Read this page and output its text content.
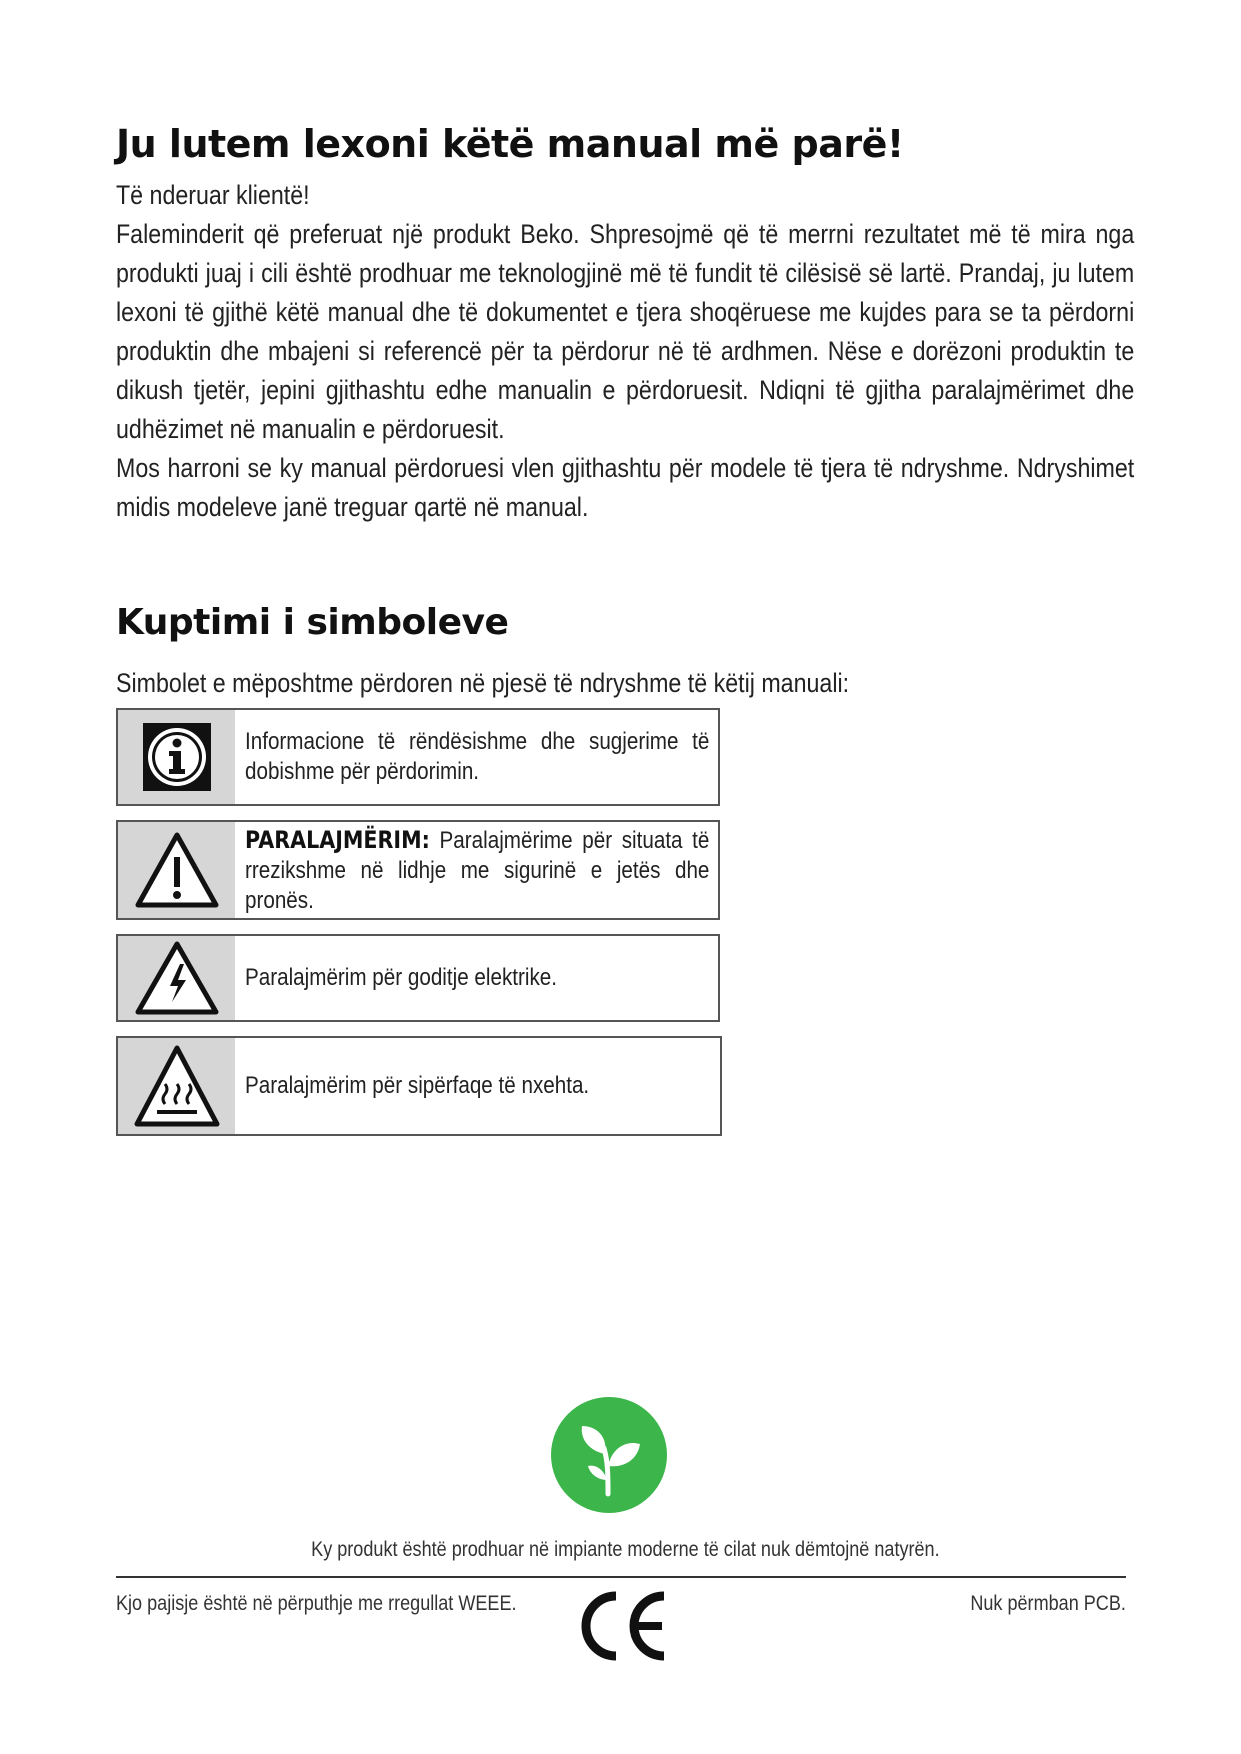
Ju lutem lexoni këtë manual më parë!

Të nderuar klientë!

Faleminderit që preferuat një produkt Beko. Shpresojmë që të merrni rezultatet më të mira nga produkti juaj i cili është prodhuar me teknologjinë më të fundit të cilësisë së lartë. Prandaj, ju lutem lexoni të gjithë këtë manual dhe të dokumentet e tjera shoqëruese me kujdes para se ta përdorni produktin dhe mbajeni si referencë për ta përdorur në të ardhmen. Nëse e dorëzoni produktin te dikush tjetër, jepini gjithashtu edhe manualin e përdoruesit. Ndiqni të gjitha paralajmërimet dhe udhëzimet në manualin e përdoruesit.

Mos harroni se ky manual përdoruesi vlen gjithashtu për modele të tjera të ndryshme. Ndryshimet midis modeleve janë treguar qartë në manual.

Kuptimi i simboleve

Simbolet e mëposhtme përdoren në pjesë të ndryshme të këtij manuali:

Informacione të rëndësishme dhe sugjerime të dobishme për përdorimin.
PARALAJMËRIM: Paralajmërime për situata të rrezikshme në lidhje me sigurinë e jetës dhe pronës.
Paralajmërim për goditje elektrike.
Paralajmërim për sipërfaqe të nxehta.
Ky produkt është prodhuar në impiante moderne të cilat nuk dëmtojnë natyrën.
Kjo pajisje është në përputhje me rregullat WEEE.	Nuk përmban PCB.
